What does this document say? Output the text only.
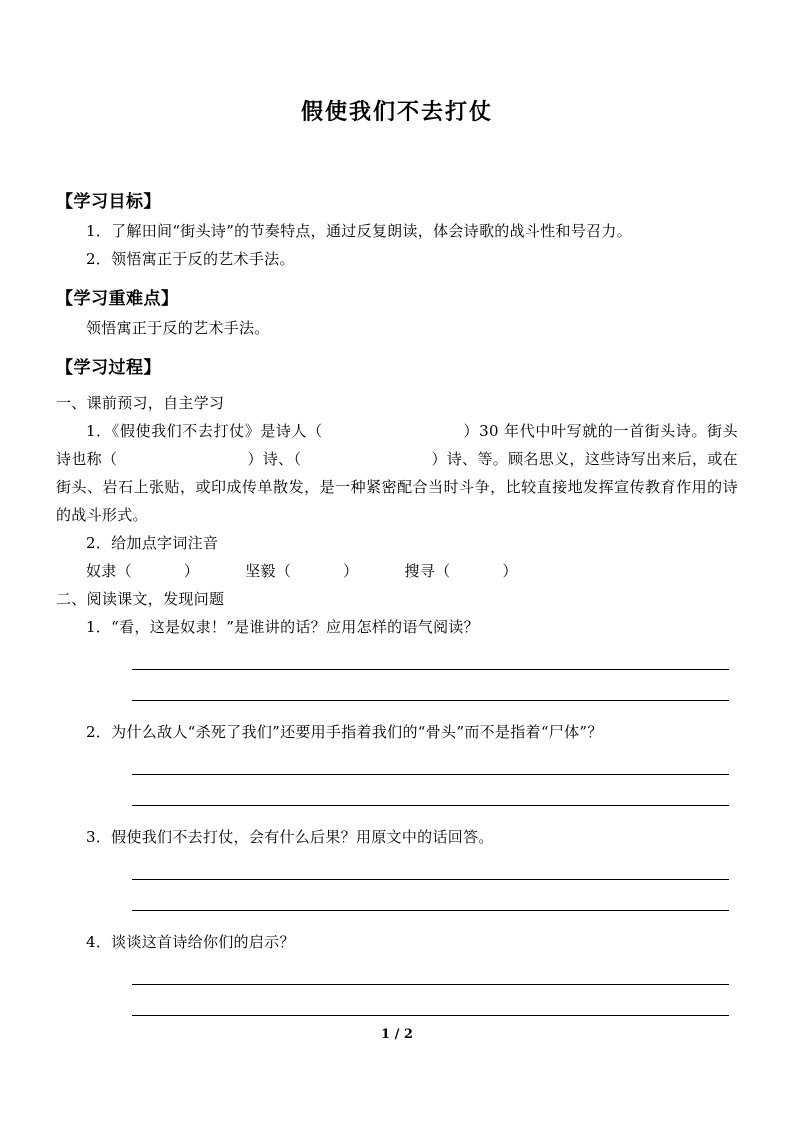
假使我们不去打仗
【学习目标】
1．了解田间“街头诗”的节奏特点，通过反复朗读，体会诗歌的战斗性和号召力。
2．领悟寓正于反的艺术手法。
【学习重难点】
领悟寓正于反的艺术手法。
【学习过程】
一、课前预习，自主学习
1．《假使我们不去打仗》是诗人（	）30 年代中叶写就的一首街头诗。街头诗也称（	）诗、（	）诗、等。顾名思义，这些诗写出来后，或在街头、岩石上张贴，或印成传单散发，是一种紧密配合当时斗争，比较直接地发挥宣传教育作用的诗的战斗形式。
2．给加点字词注音
奴隶（	）	坚毅（	）	搜寻（	）
二、阅读课文，发现问题
1．“看，这是奴隶！”是谁讲的话？应用怎样的语气阅读？
2．为什么敌人“杀死了我们”还要用手指着我们的“骨头”而不是指着“尸体”？
3．假使我们不去打仗，会有什么后果？用原文中的话回答。
4．谈谈这首诗给你们的启示？
1 / 2
